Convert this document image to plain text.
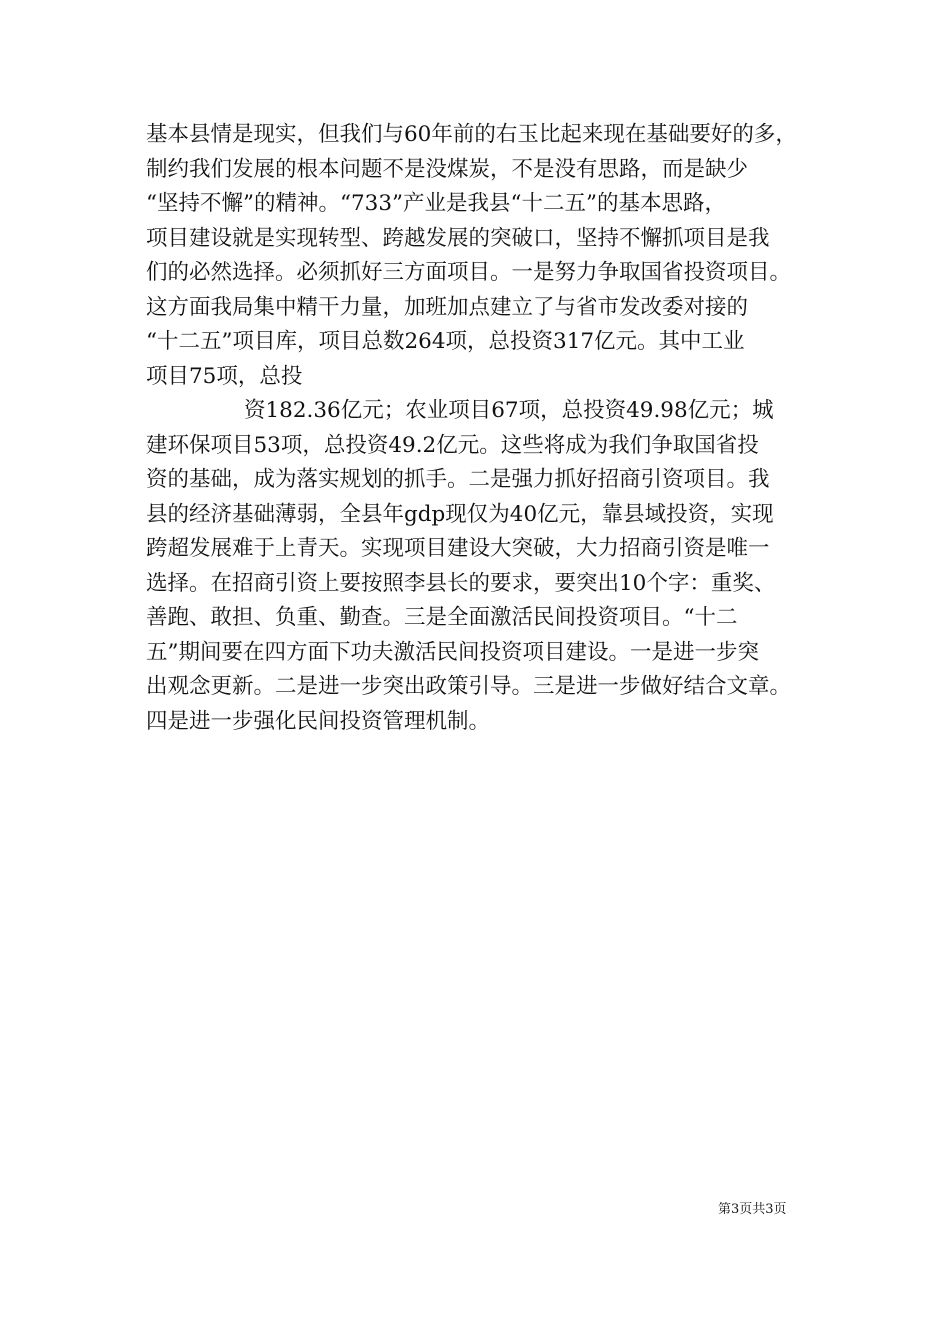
基本县情是现实，但我们与60年前的右玉比起来现在基础要好的多，
制约我们发展的根本问题不是没煤炭，不是没有思路，而是缺少
“坚持不懈”的精神。“733”产业是我县“十二五”的基本思路，
项目建设就是实现转型、跨越发展的突破口，坚持不懈抓项目是我
们的必然选择。必须抓好三方面项目。一是努力争取国省投资项目。
这方面我局集中精干力量，加班加点建立了与省市发改委对接的
“十二五”项目库，项目总数264项，总投资317亿元。其中工业
项目75项，总投
资182.36亿元；农业项目67项，总投资49.98亿元；城
建环保项目53项，总投资49.2亿元。这些将成为我们争取国省投
资的基础，成为落实规划的抓手。二是强力抓好招商引资项目。我
县的经济基础薄弱，全县年gdp现仅为40亿元，靠县域投资，实现
跨超发展难于上青天。实现项目建设大突破，大力招商引资是唯一
选择。在招商引资上要按照李县长的要求，要突出10个字：重奖、
善跑、敢担、负重、勤查。三是全面激活民间投资项目。“十二
五”期间要在四方面下功夫激活民间投资项目建设。一是进一步突
出观念更新。二是进一步突出政策引导。三是进一步做好结合文章。
四是进一步强化民间投资管理机制。
第3页共3页
